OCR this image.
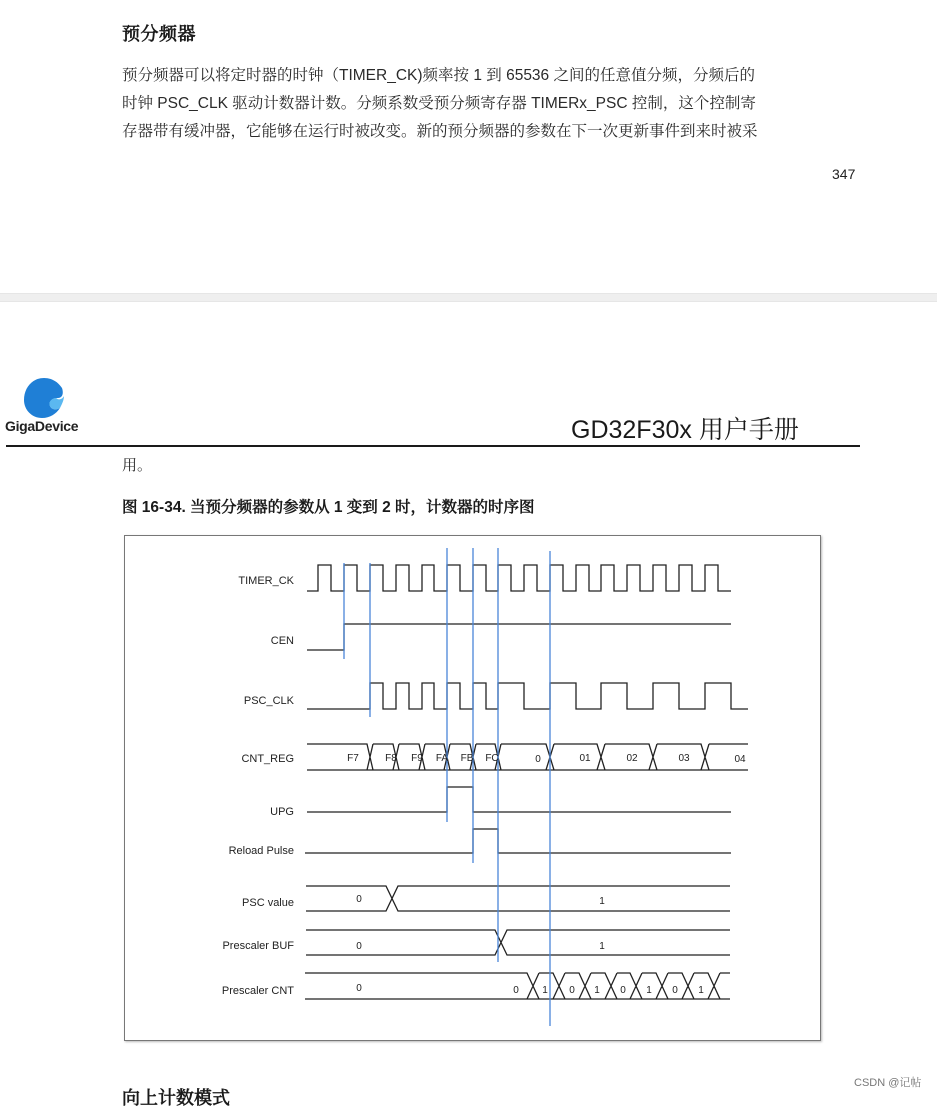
预分频器
预分频器可以将定时器的时钟（TIMER_CK)频率按 1 到 65536 之间的任意值分频，分频后的
时钟 PSC_CLK 驱动计数器计数。分频系数受预分频寄存器 TIMERx_PSC 控制，这个控制寄
存器带有缓冲器，它能够在运行时被改变。新的预分频器的参数在下一次更新事件到来时被采
347
GigaDevice	GD32F30x 用户手册
用。
图 16-34. 当预分频器的参数从 1 变到 2 时，计数器的时序图
TIMER_CK
CEN
PSC_CLK
CNT_REG
UPG
Reload Pulse
PSC value
Prescaler BUF
Prescaler CNT
F7	F8 F9 FA FB FC	0	01	02	03	04
0	1
0	1
0	0 1 0 1 0 1 0 1
向上计数模式
CSDN @记帖
